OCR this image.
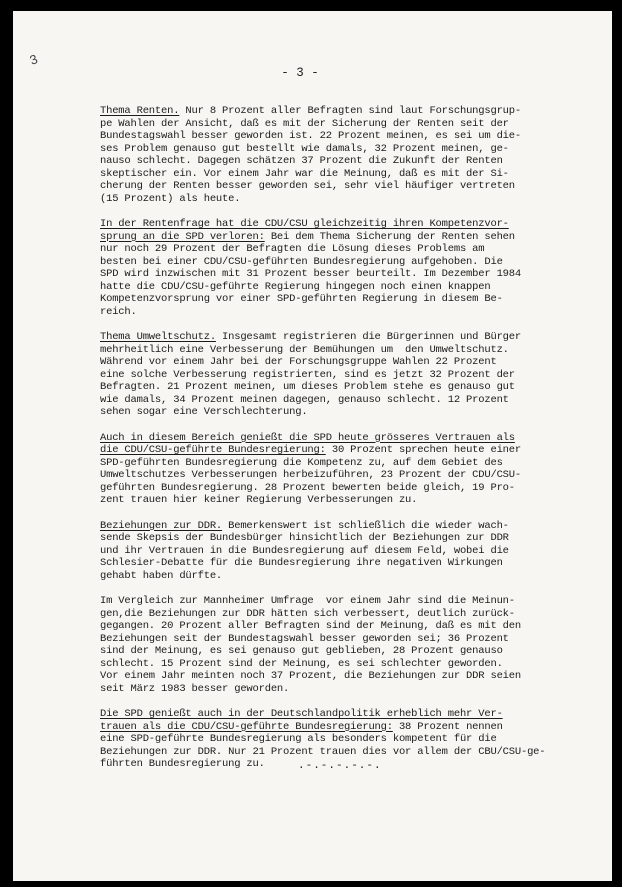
3
- 3 -
Thema Renten. Nur 8 Prozent aller Befragten sind laut Forschungsgrup-
pe Wahlen der Ansicht, daß es mit der Sicherung der Renten seit der
Bundestagswahl besser geworden ist. 22 Prozent meinen, es sei um die-
ses Problem genauso gut bestellt wie damals, 32 Prozent meinen, ge-
nauso schlecht. Dagegen schätzen 37 Prozent die Zukunft der Renten
skeptischer ein. Vor einem Jahr war die Meinung, daß es mit der Si-
cherung der Renten besser geworden sei, sehr viel häufiger vertreten
(15 Prozent) als heute.
In der Rentenfrage hat die CDU/CSU gleichzeitig ihren Kompetenzvor-
sprung an die SPD verloren: Bei dem Thema Sicherung der Renten sehen
nur noch 29 Prozent der Befragten die Lösung dieses Problems am
besten bei einer CDU/CSU-geführten Bundesregierung aufgehoben. Die
SPD wird inzwischen mit 31 Prozent besser beurteilt. Im Dezember 1984
hatte die CDU/CSU-geführte Regierung hingegen noch einen knappen
Kompetenzvorsprung vor einer SPD-geführten Regierung in diesem Be-
reich.
Thema Umweltschutz. Insgesamt registrieren die Bürgerinnen und Bürger
mehrheitlich eine Verbesserung der Bemühungen um  den Umweltschutz.
Während vor einem Jahr bei der Forschungsgruppe Wahlen 22 Prozent
eine solche Verbesserung registrierten, sind es jetzt 32 Prozent der
Befragten. 21 Prozent meinen, um dieses Problem stehe es genauso gut
wie damals, 34 Prozent meinen dagegen, genauso schlecht. 12 Prozent
sehen sogar eine Verschlechterung.
Auch in diesem Bereich genießt die SPD heute grösseres Vertrauen als
die CDU/CSU-geführte Bundesregierung: 30 Prozent sprechen heute einer
SPD-geführten Bundesregierung die Kompetenz zu, auf dem Gebiet des
Umweltschutzes Verbesserungen herbeizuführen, 23 Prozent der CDU/CSU-
geführten Bundesregierung. 28 Prozent bewerten beide gleich, 19 Pro-
zent trauen hier keiner Regierung Verbesserungen zu.
Beziehungen zur DDR. Bemerkenswert ist schließlich die wieder wach-
sende Skepsis der Bundesbürger hinsichtlich der Beziehungen zur DDR
und ihr Vertrauen in die Bundesregierung auf diesem Feld, wobei die
Schlesier-Debatte für die Bundesregierung ihre negativen Wirkungen
gehabt haben dürfte.
Im Vergleich zur Mannheimer Umfrage  vor einem Jahr sind die Meinun-
gen,die Beziehungen zur DDR hätten sich verbessert, deutlich zurück-
gegangen. 20 Prozent aller Befragten sind der Meinung, daß es mit den
Beziehungen seit der Bundestagswahl besser geworden sei; 36 Prozent
sind der Meinung, es sei genauso gut geblieben, 28 Prozent genauso
schlecht. 15 Prozent sind der Meinung, es sei schlechter geworden.
Vor einem Jahr meinten noch 37 Prozent, die Beziehungen zur DDR seien
seit März 1983 besser geworden.
Die SPD genießt auch in der Deutschlandpolitik erheblich mehr Ver-
trauen als die CDU/CSU-geführte Bundesregierung: 38 Prozent nennen
eine SPD-geführte Bundesregierung als besonders kompetent für die
Beziehungen zur DDR. Nur 21 Prozent trauen dies vor allem der CBU/CSU-ge-
führten Bundesregierung zu.	.-.-.-.-.-.
